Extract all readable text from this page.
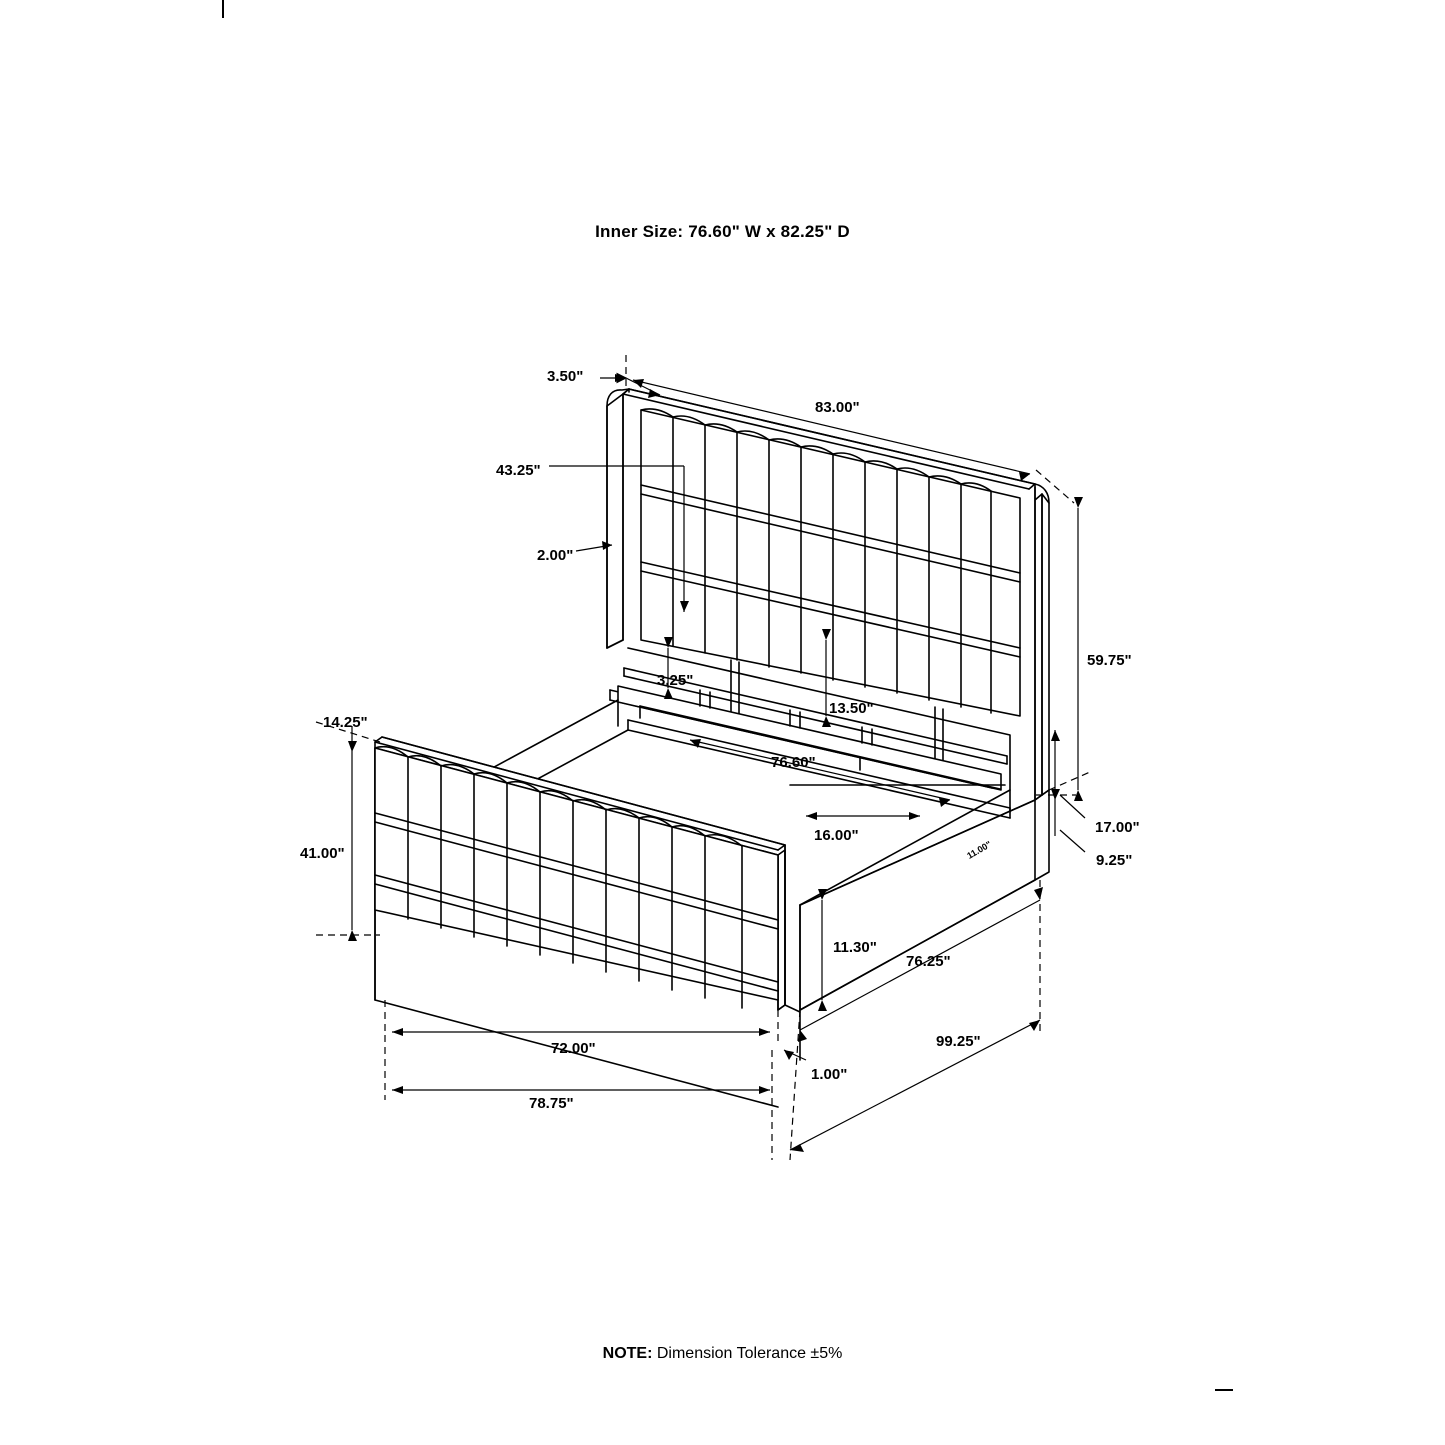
Inner Size: 76.60" W x 82.25" D
3.50"
83.00"
43.25"
2.00"
59.75"
3.25"
13.50"
76.60"
14.25"
17.00"
9.25"
11.00"
16.00"
41.00"
11.30"
76.25"
72.00"	99.25"
1.00"
78.75"
NOTE: Dimension Tolerance ±5%
